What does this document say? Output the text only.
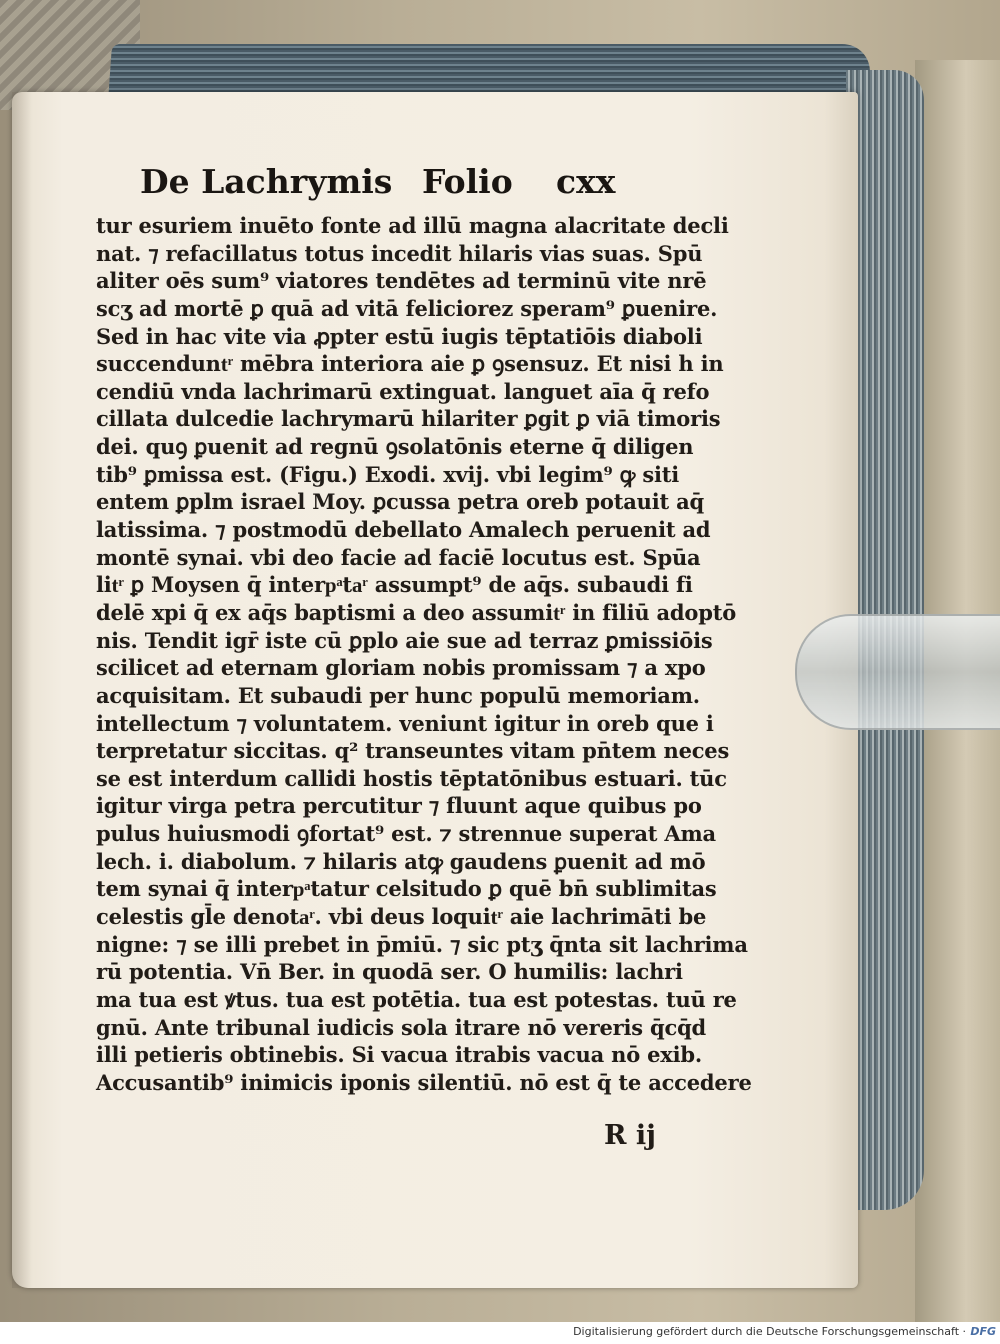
De Lachrymis Folio cxx
tur esuriem inuēto fonte ad illū magna alacritate decli
nat. ⁊ refacillatus totus incedit hilaris vias suas. Spū
aliter oēs sum⁹ viatores tendētes ad terminū vite nrē
scʒ ad mortē ꝑ quā ad vitā feliciorez speram⁹ ꝑuenire.
Sed in hac vite via ꝓpter estū iugis tēptatiōis diaboli
succenduntͬ mēbra interiora aie ꝑ ꝯsensuz. Et nisi h in
cendiū vnda lachrimarū extinguat. languet aīa q̄ refo
cillata dulcedie lachrymarū hilariter ꝑgit ꝑ viā timoris
dei. quꝯ ꝑuenit ad regnū ꝯsolatōnis eterne q̄ diligen
tib⁹ ꝑmissa est. (Figu.) Exodi. xvij. vbi legim⁹ ꝙ siti
entem ꝑplm israel Moy. ꝑcussa petra oreb potauit aq̄
latissima. ⁊ postmodū debellato Amalech peruenit ad
montē synai. vbi deo facie ad faciē locutus est. Spūa
litͬ ꝑ Moysen q̄ interpͣtaͬ assumpt⁹ de aq̄s. subaudi fi
delē xpi q̄ ex aq̄s baptismi a deo assumitͬ in filiū adoptō
nis. Tendit igr̄ iste cū ꝑplo aie sue ad terraz ꝑmissiōis
scilicet ad eternam gloriam nobis promissam ⁊ a xpo
acquisitam. Et subaudi per hunc populū memoriam.
intellectum ⁊ voluntatem. veniunt igitur in oreb que i
terpretatur siccitas. q² transeuntes vitam pn̄tem neces
se est interdum callidi hostis tēptatōnibus estuari. tūc
igitur virga petra percutitur ⁊ fluunt aque quibus po
pulus huiusmodi ꝯfortat⁹ est. ⁊ strennue superat Ama
lech. i. diabolum. ⁊ hilaris atꝙ gaudens ꝑuenit ad mō
tem synai q̄ interpͣtatur celsitudo ꝑ quē bn̄ sublimitas
celestis gl̄e denotaͬ. vbi deus loquitͬ aie lachrimāti be
nigne: ⁊ se illi prebet in p̄miū. ⁊ sic ptʒ q̄nta sit lachrima
rū potentia. Vn̄ Ber. in quodā ser. O humilis: lachri
ma tua est ꝟtus. tua est potētia. tua est potestas. tuū re
gnū. Ante tribunal iudicis sola itrare nō vereris q̄cq̄d
illi petieris obtinebis. Si vacua itrabis vacua nō exib.
Accusantib⁹ inimicis iponis silentiū. nō est q̄ te accedere
R ij
Digitalisierung gefördert durch die Deutsche Forschungsgemeinschaft · DFG
